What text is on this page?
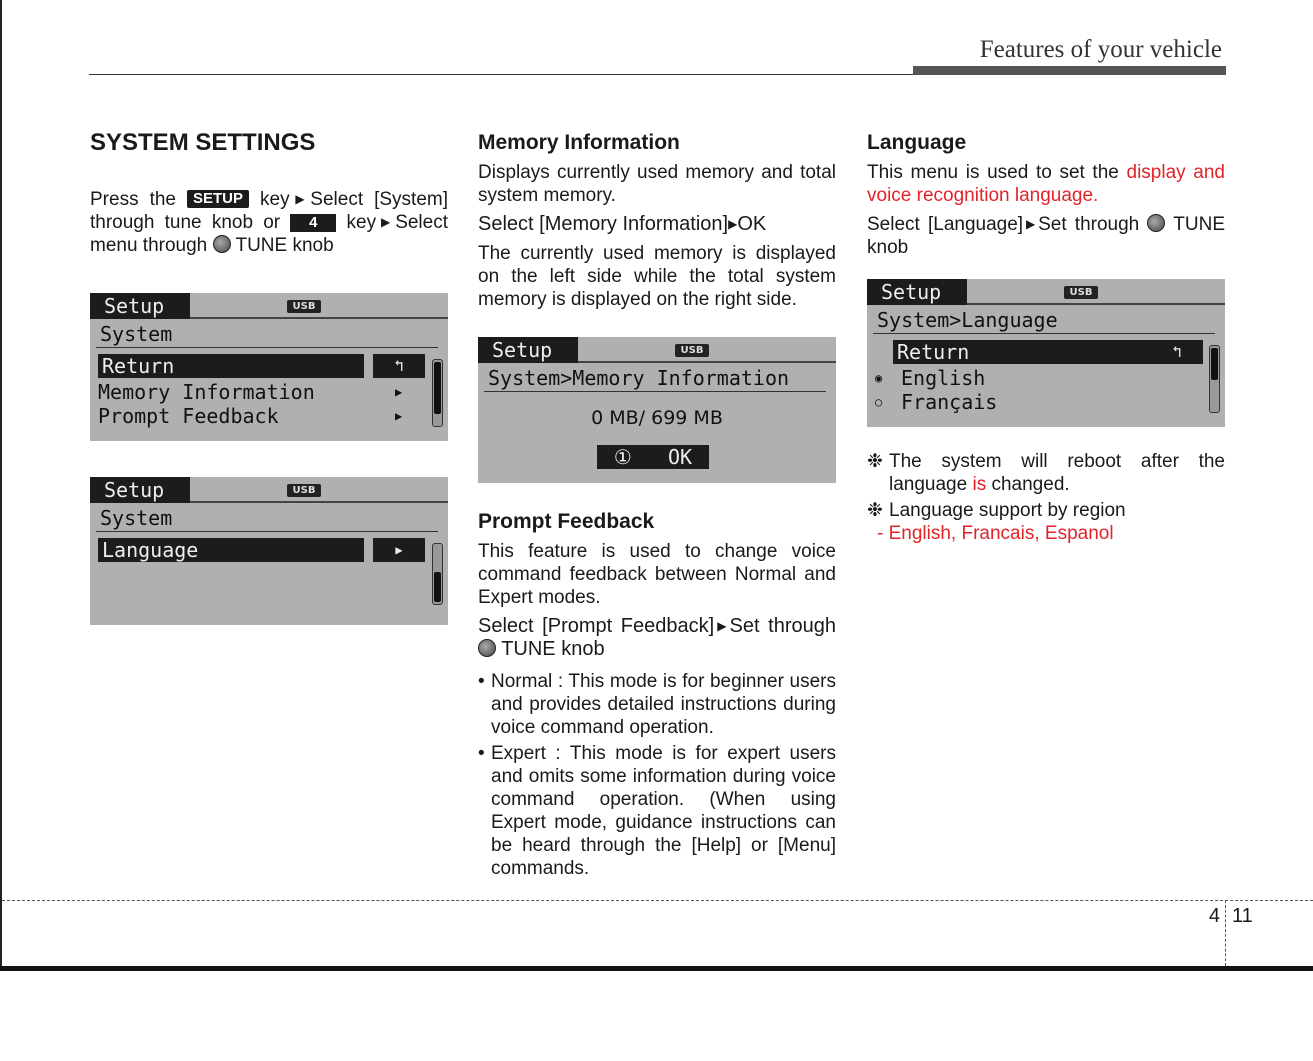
Features of your vehicle
SYSTEM SETTINGS

Press the SETUP key▶Select [System] through tune knob or 4 key▶Select menu through TUNE knob

Setup	USB
System
Return	↰
Memory Information	▶
Prompt Feedback	▶
Setup	USB
System
Language	▶
Memory Information

Displays currently used memory and total system memory.

Select [Memory Information]▶OK

The currently used memory is displayed on the left side while the total system memory is displayed on the right side.

Setup	USB
System>Memory Information
0 MB/ 699 MB
① OK
Prompt Feedback

This feature is used to change voice command feedback between Normal and Expert modes.

Select [Prompt Feedback]▶Set through  TUNE knob

• Normal : This mode is for beginner users and provides detailed instructions during voice command operation.
• Expert : This mode is for expert users and omits some information during voice command operation. (When using Expert mode, guidance instructions can be heard through the [Help] or [Menu] commands.
Language

This menu is used to set the display and voice recognition language.

Select [Language]▶Set through TUNE knob

Setup	USB
System>Language
Return	↰
◉ English
○ Français
❉ The system will reboot after the language is changed.
❉ Language support by region

- English, Francais, Espanol

4 11
